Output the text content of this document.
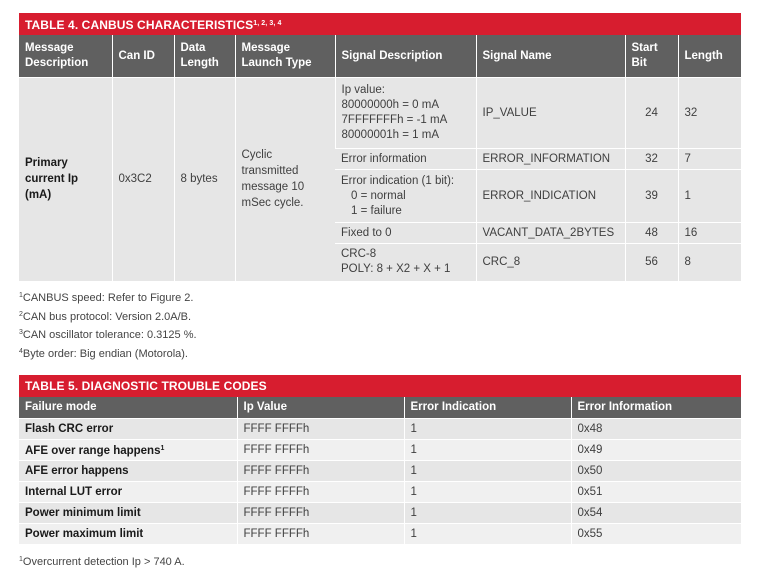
TABLE 4. CANBUS CHARACTERISTICS$^{1, 2, 3, 4}$
Message Description	Can ID	Data Length	Message Launch Type	Signal Description	Signal Name	Start Bit	Length
Primary current Ip (mA)	0x3C2	8 bytes	Cyclic transmitted message 10 mSec cycle.	Ip value:
80000000h = 0 mA
7FFFFFFFh = -1 mA
80000001h = 1 mA	IP_VALUE	24	32

				Error information	ERROR_INFORMATION	32	7

				Error indication (1 bit):
0 = normal
1 = failure	ERROR_INDICATION	39	1

				Fixed to 0	VACANT_DATA_2BYTES	48	16

				CRC-8
POLY: 8 + X2 + X + 1	CRC_8	56	8
$^1$CANBUS speed: Refer to Figure 2.
$^2$CAN bus protocol: Version 2.0A/B.
$^3$CAN oscillator tolerance: 0.3125 %.
$^4$Byte order: Big endian (Motorola).
TABLE 5. DIAGNOSTIC TROUBLE CODES
Failure mode	Ip Value	Error Indication	Error Information
Flash CRC error	FFFF FFFFh	1	0x48
AFE over range happens$^1$	FFFF FFFFh	1	0x49
AFE error happens	FFFF FFFFh	1	0x50
Internal LUT error	FFFF FFFFh	1	0x51
Power minimum limit	FFFF FFFFh	1	0x54
Power maximum limit	FFFF FFFFh	1	0x55
$^1$Overcurrent detection Ip > 740 A.
